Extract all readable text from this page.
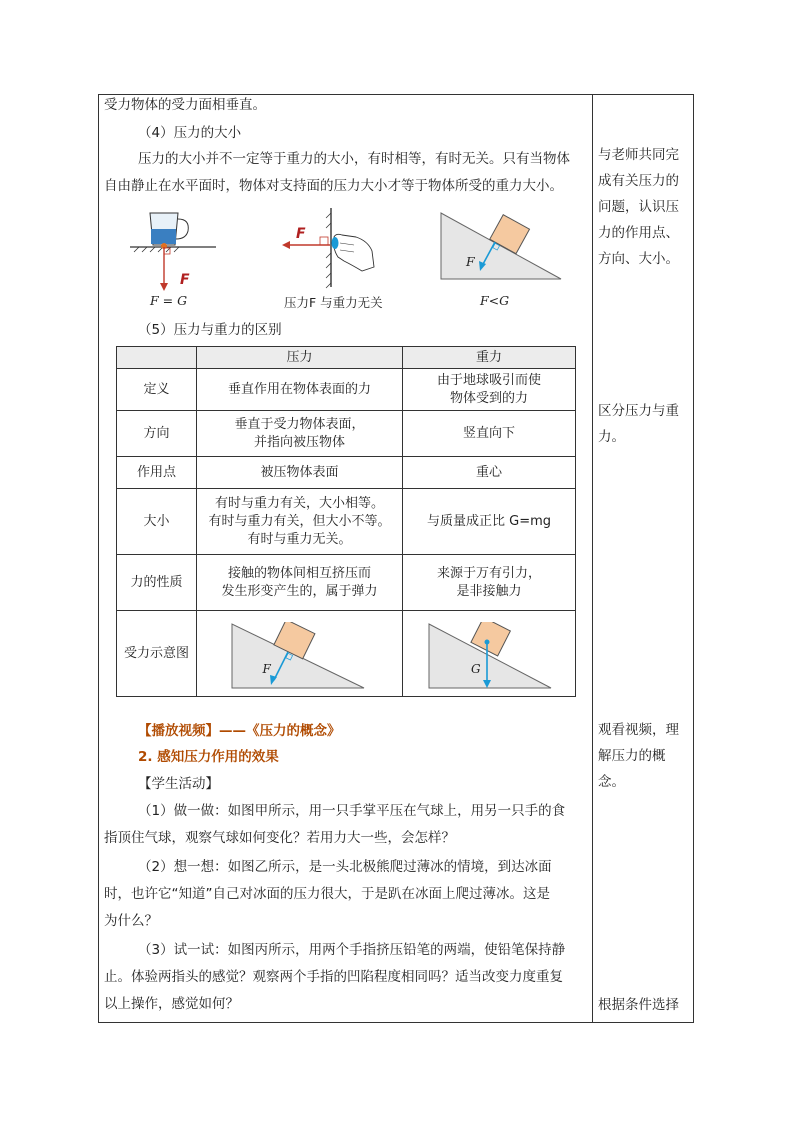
受力物体的受力面相垂直。
（4）压力的大小
压力的大小并不一定等于重力的大小，有时相等，有时无关。只有当物体
自由静止在水平面时，物体对支持面的压力大小才等于物体所受的重力大小。
F
F = G
F
压力F 与重力无关
F
F<G
（5）压力与重力的区别
	压力	重力
定义	垂直作用在物体表面的力	由于地球吸引而使
物体受到的力

方向	垂直于受力物体表面，
并指向被压物体	竖直向下

作用点	被压物体表面	重心

大小	有时与重力有关，大小相等。
有时与重力有关，但大小不等。
有时与重力无关。	与质量成正比 G=mg

力的性质	接触的物体间相互挤压而
发生形变产生的，属于弹力	来源于万有引力，
是非接触力

受力示意图	F	G
【播放视频】——《压力的概念》
2. 感知压力作用的效果
【学生活动】
（1）做一做：如图甲所示，用一只手掌平压在气球上，用另一只手的食
指顶住气球，观察气球如何变化？若用力大一些，会怎样？
（2）想一想：如图乙所示，是一头北极熊爬过薄冰的情境，到达冰面
时，也许它“知道”自己对冰面的压力很大，于是趴在冰面上爬过薄冰。这是
为什么？
（3）试一试：如图丙所示，用两个手指挤压铅笔的两端，使铅笔保持静
止。体验两指头的感觉？观察两个手指的凹陷程度相同吗？适当改变力度重复
以上操作，感觉如何？
与老师共同完成有关压力的问题，认识压力的作用点、方向、大小。
区分压力与重力。
观看视频，理解压力的概念。
根据条件选择
